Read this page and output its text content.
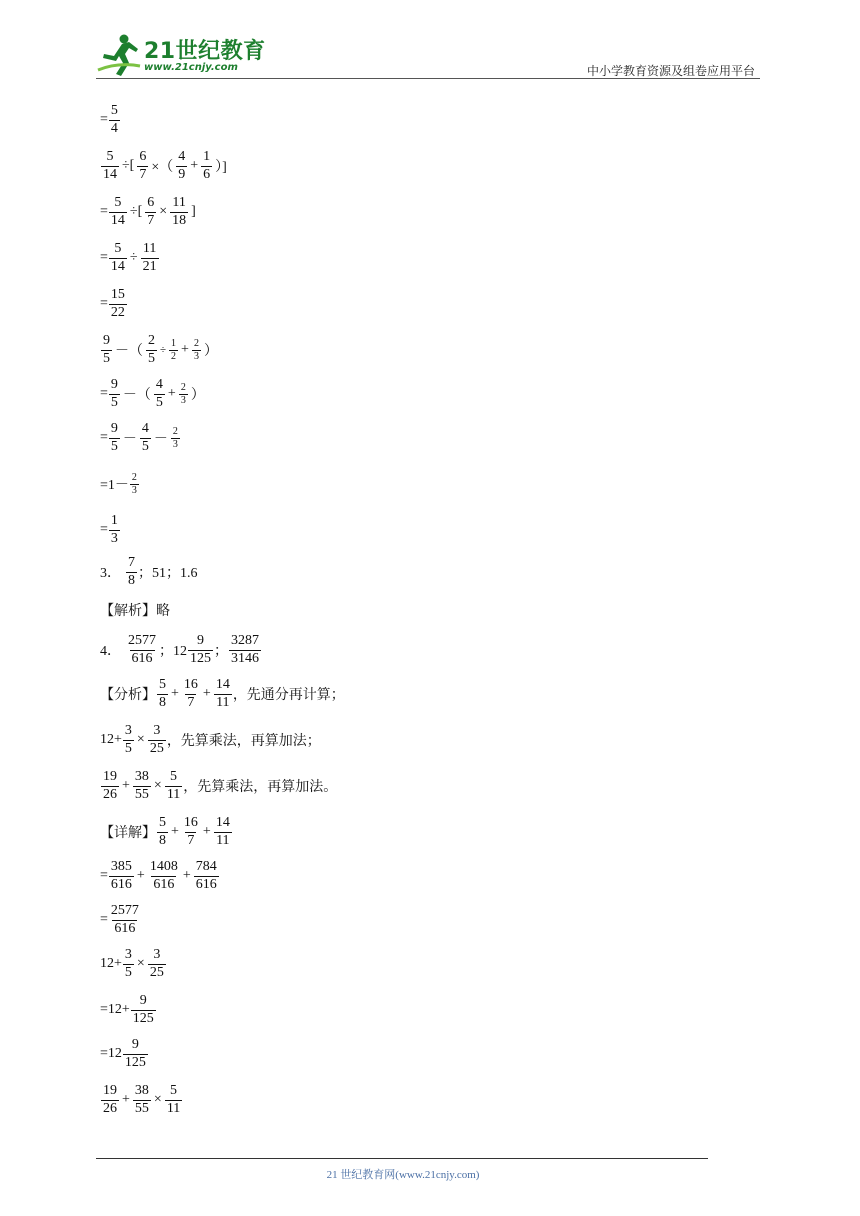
21世纪教育
www.21cnjy.com	中小学教育资源及组卷应用平台
= $\frac{5}{4}$
$\frac{5}{14}$ ÷[ $\frac{6}{7}$ ×（ $\frac{4}{9} + \frac{1}{6}$ ）]
= $\frac{5}{14}$ ÷[ $\frac{6}{7} \times \frac{11}{18}$ ]
= $\frac{5}{14} \div \frac{11}{21}$
= $\frac{15}{22}$
$\frac{9}{5}$ －（ $\frac{2}{5} \div \frac{1}{2} + \frac{2}{3}$ ）
= $\frac{9}{5}$ －（ $\frac{4}{5} + \frac{2}{3}$ ）
= $\frac{9}{5} - \frac{4}{5} - \frac{2}{3}$
$=1- \frac{2}{3}$
= $\frac{1}{3}$
3． $\frac{7}{8}$ ；51；1.6
【解析】略
4． $\frac{2577}{616}$ ；$12 \frac{9}{125}$ ； $\frac{3287}{3146}$
【分析】 $\frac{5}{8} + \frac{16}{7} + \frac{14}{11}$ ，先通分再计算；
$12+ \frac{3}{5} \times \frac{3}{25}$ ，先算乘法，再算加法；
$\frac{19}{26} + \frac{38}{55} \times \frac{5}{11}$ ，先算乘法，再算加法。
【详解】 $\frac{5}{8} + \frac{16}{7} + \frac{14}{11}$
= $\frac{385}{616} + \frac{1408}{616} + \frac{784}{616}$
= $\frac{2577}{616}$
$12+ \frac{3}{5} \times \frac{3}{25}$
$=12+ \frac{9}{125}$
$=12 \frac{9}{125}$
$\frac{19}{26} + \frac{38}{55} \times \frac{5}{11}$
21 世纪教育网(www.21cnjy.com)
